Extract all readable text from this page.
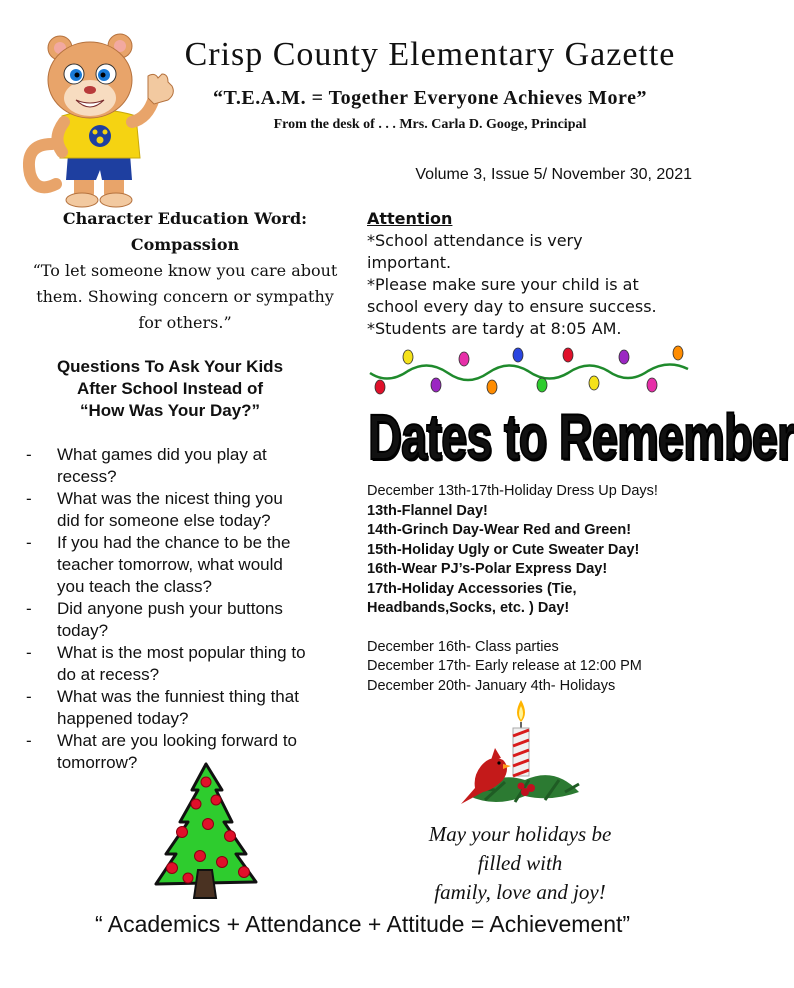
Crisp County Elementary Gazette
“T.E.A.M. = Together Everyone Achieves More”
From the desk of . . . Mrs. Carla D. Googe, Principal
Volume 3, Issue 5/ November 30, 2021
Character Education Word:
Compassion
“To let someone know you care about
them. Showing concern or sympathy
for others.”
Questions To Ask Your Kids
After School Instead of
“How Was Your Day?”
- What games did you play at
recess?
- What was the nicest thing you
did for someone else today?
- If you had the chance to be the
teacher tomorrow, what would
you teach the class?
- Did anyone push your buttons
today?
- What is the most popular thing to
do at recess?
- What was the funniest thing that
happened today?
- What are you looking forward to
tomorrow?
Attention
*School attendance is very
important.
*Please make sure your child is at
school every day to ensure success.
*Students are tardy at 8:05 AM.
Dates to Remember
December 13th-17th-Holiday Dress Up Days!
13th-Flannel Day!
14th-Grinch Day-Wear Red and Green!
15th-Holiday Ugly or Cute Sweater Day!
16th-Wear PJ’s-Polar Express Day!
17th-Holiday Accessories (Tie,
Headbands,Socks, etc. ) Day!
December 16th- Class parties
December 17th- Early release at 12:00 PM
December 20th- January 4th- Holidays
May your holidays be
filled with
family, love and joy!
“ Academics + Attendance + Attitude = Achievement”
